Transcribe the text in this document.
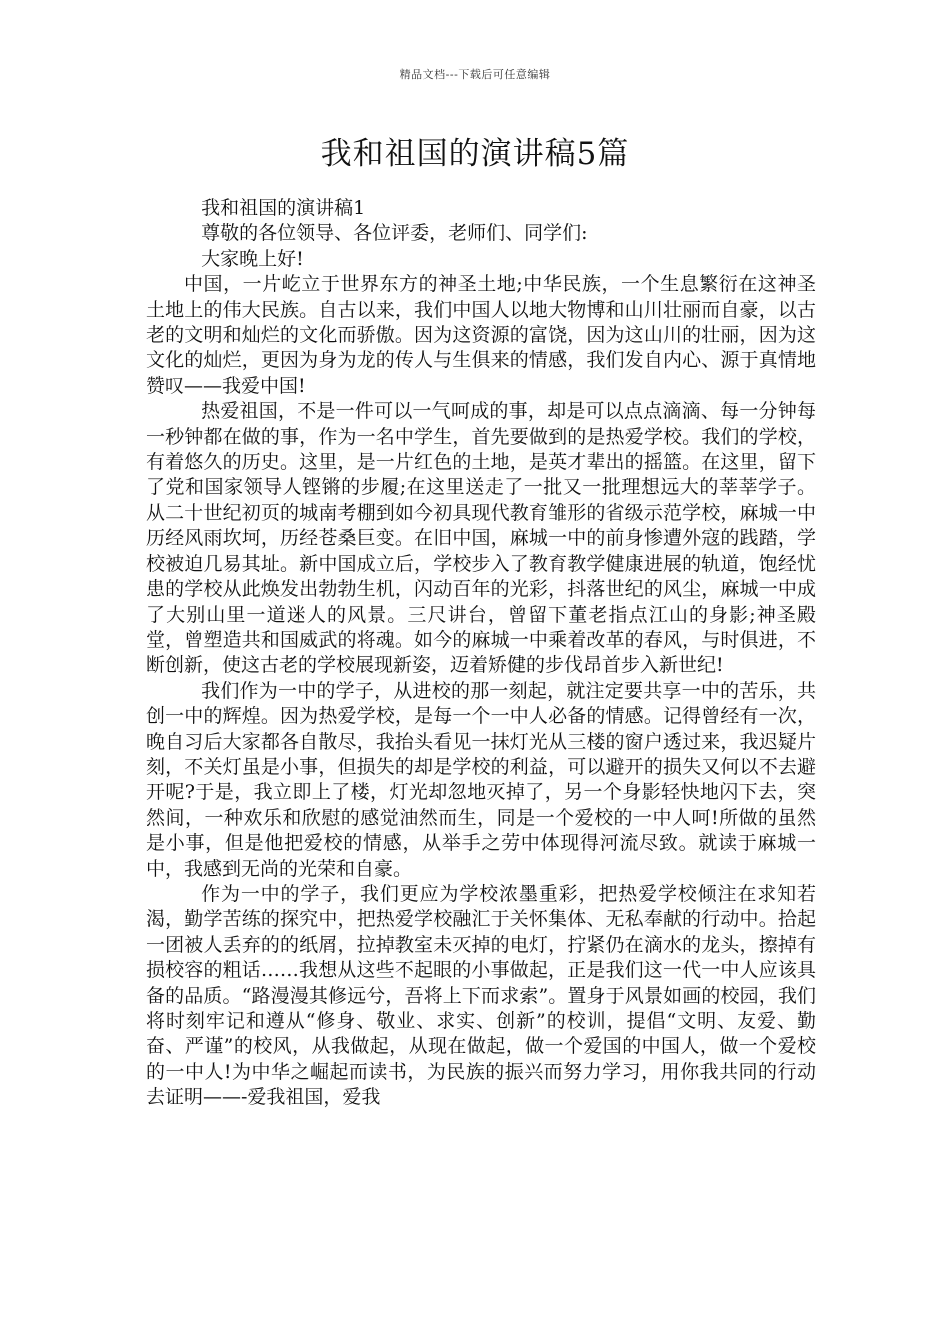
精品文档---下载后可任意编辑
我和祖国的演讲稿5篇

我和祖国的演讲稿1

尊敬的各位领导、各位评委，老师们、同学们:

大家晚上好!

中国，一片屹立于世界东方的神圣土地;中华民族，一个生息繁衍在这神圣土地上的伟大民族。自古以来，我们中国人以地大物博和山川壮丽而自豪，以古老的文明和灿烂的文化而骄傲。因为这资源的富饶，因为这山川的壮丽，因为这文化的灿烂，更因为身为龙的传人与生俱来的情感，我们发自内心、源于真情地赞叹——我爱中国!

热爱祖国，不是一件可以一气呵成的事，却是可以点点滴滴、每一分钟每一秒钟都在做的事，作为一名中学生，首先要做到的是热爱学校。我们的学校，有着悠久的历史。这里，是一片红色的土地，是英才辈出的摇篮。在这里，留下了党和国家领导人铿锵的步履;在这里送走了一批又一批理想远大的莘莘学子。从二十世纪初页的城南考棚到如今初具现代教育雏形的省级示范学校，麻城一中历经风雨坎坷，历经苍桑巨变。在旧中国，麻城一中的前身惨遭外寇的践踏，学校被迫几易其址。新中国成立后，学校步入了教育教学健康进展的轨道，饱经忧患的学校从此焕发出勃勃生机，闪动百年的光彩，抖落世纪的风尘，麻城一中成了大别山里一道迷人的风景。三尺讲台，曾留下董老指点江山的身影;神圣殿堂，曾塑造共和国威武的将魂。如今的麻城一中乘着改革的春风，与时俱进，不断创新，使这古老的学校展现新姿，迈着矫健的步伐昂首步入新世纪!

我们作为一中的学子，从进校的那一刻起，就注定要共享一中的苦乐，共创一中的辉煌。因为热爱学校，是每一个一中人必备的情感。记得曾经有一次，晚自习后大家都各自散尽，我抬头看见一抹灯光从三楼的窗户透过来，我迟疑片刻，不关灯虽是小事，但损失的却是学校的利益，可以避开的损失又何以不去避开呢?于是，我立即上了楼，灯光却忽地灭掉了，另一个身影轻快地闪下去，突然间，一种欢乐和欣慰的感觉油然而生，同是一个爱校的一中人呵!所做的虽然是小事，但是他把爱校的情感，从举手之劳中体现得河流尽致。就读于麻城一中，我感到无尚的光荣和自豪。

作为一中的学子，我们更应为学校浓墨重彩，把热爱学校倾注在求知若渴，勤学苦练的探究中，把热爱学校融汇于关怀集体、无私奉献的行动中。拾起一团被人丢弃的的纸屑，拉掉教室未灭掉的电灯，拧紧仍在滴水的龙头，擦掉有损校容的粗话……我想从这些不起眼的小事做起，正是我们这一代一中人应该具备的品质。“路漫漫其修远兮，吾将上下而求索”。置身于风景如画的校园，我们将时刻牢记和遵从“修身、敬业、求实、创新”的校训，提倡“文明、友爱、勤奋、严谨”的校风，从我做起，从现在做起，做一个爱国的中国人，做一个爱校的一中人!为中华之崛起而读书，为民族的振兴而努力学习，用你我共同的行动去证明——-爱我祖国，爱我
